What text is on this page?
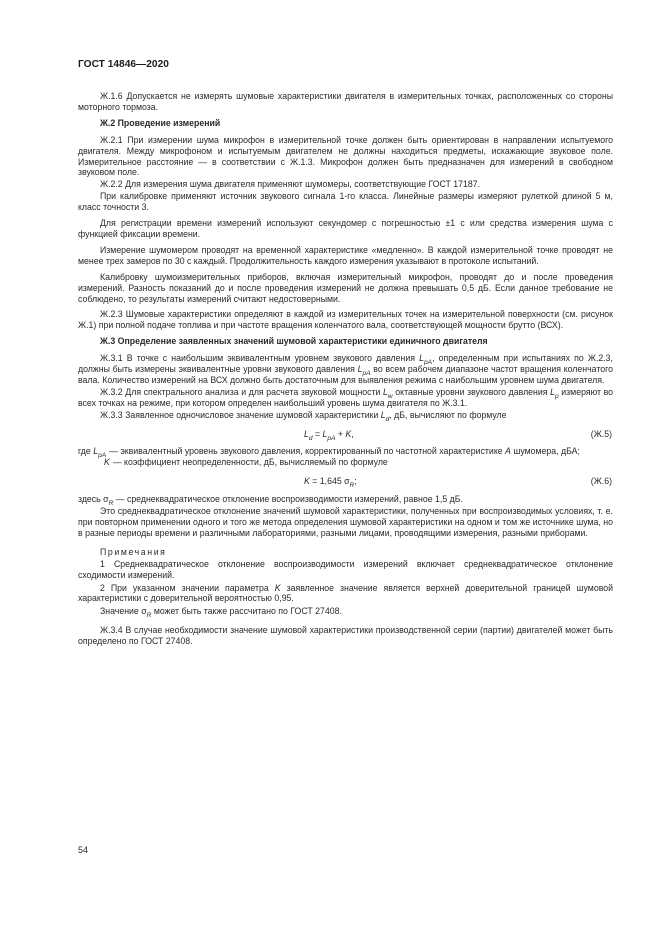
ГОСТ 14846—2020

Ж.1.6 Допускается не измерять шумовые характеристики двигателя в измерительных точках, расположенных со стороны моторного тормоза.

Ж.2 Проведение измерений

Ж.2.1 При измерении шума микрофон в измерительной точке должен быть ориентирован в направлении испытуемого двигателя. Между микрофоном и испытуемым двигателем не должны находиться предметы, искажающие звуковое поле. Измерительное расстояние — в соответствии с Ж.1.3. Микрофон должен быть предназначен для измерений в свободном звуковом поле.

Ж.2.2 Для измерения шума двигателя применяют шумомеры, соответствующие ГОСТ 17187.

При калибровке применяют источник звукового сигнала 1-го класса. Линейные размеры измеряют рулеткой длиной 5 м, класс точности 3.

Для регистрации времени измерений используют секундомер с погрешностью ±1 с или средства измерения шума с функцией фиксации времени.

Измерение шумомером проводят на временной характеристике «медленно». В каждой измерительной точке проводят не менее трех замеров по 30 с каждый. Продолжительность каждого измерения указывают в протоколе испытаний.

Калибровку шумоизмерительных приборов, включая измерительный микрофон, проводят до и после проведения измерений. Разность показаний до и после проведения измерений не должна превышать 0,5 дБ. Если данное требование не соблюдено, то результаты измерений считают недостоверными.

Ж.2.3 Шумовые характеристики определяют в каждой из измерительных точек на измерительной поверхности (см. рисунок Ж.1) при полной подаче топлива и при частоте вращения коленчатого вала, соответствующей мощности брутто (ВСХ).

Ж.3 Определение заявленных значений шумовой характеристики единичного двигателя

Ж.3.1 В точке с наибольшим эквивалентным уровнем звукового давления $L_{pA}$, определенным при испытаниях по Ж.2.3, должны быть измерены эквивалентные уровни звукового давления $L_{pA}$ во всем рабочем диапазоне частот вращения коленчатого вала. Количество измерений на ВСХ должно быть достаточным для выявления режима с наибольшим уровнем шума двигателя.

Ж.3.2 Для спектрального анализа и для расчета звуковой мощности $L_w$ октавные уровни звукового давления $L_p$ измеряют во всех точках на режиме, при котором определен наибольший уровень шума двигателя по Ж.3.1.

Ж.3.3 Заявленное одночисловое значение шумовой характеристики $L_d$, дБ, вычисляют по формуле

$L_d = L_{pA} + K$,	(Ж.5)
где $L_{pA}$ — эквивалентный уровень звукового давления, корректированный по частотной характеристике A шумомера, дБА;
K — коэффициент неопределенности, дБ, вычисляемый по формуле
K = 1,645 $\sigma_R$;	(Ж.6)

здесь $\sigma_R$ — среднеквадратическое отклонение воспроизводимости измерений, равное 1,5 дБ.

Это среднеквадратическое отклонение значений шумовой характеристики, полученных при воспроизводимых условиях, т. е. при повторном применении одного и того же метода определения шумовой характеристики на одном и том же источнике шума, но в разные периоды времени и различными лабораториями, разными лицами, проводящими измерения, разными приборами.

Примечания

1 Среднеквадратическое отклонение воспроизводимости измерений включает среднеквадратическое отклонение сходимости измерений.

2 При указанном значении параметра K заявленное значение является верхней доверительной границей шумовой характеристики с доверительной вероятностью 0,95.

Значение $\sigma_R$ может быть также рассчитано по ГОСТ 27408.

Ж.3.4 В случае необходимости значение шумовой характеристики производственной серии (партии) двигателей может быть определено по ГОСТ 27408.

54
